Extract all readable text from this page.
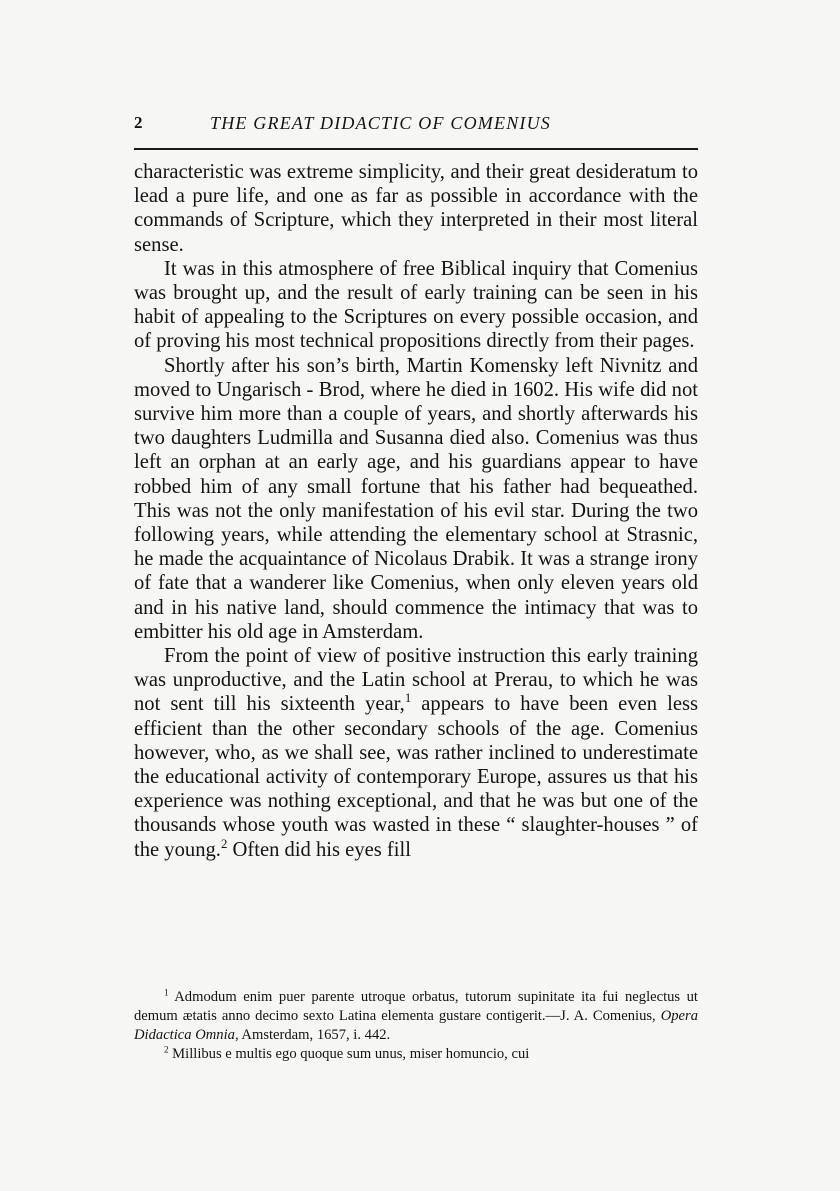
2	THE GREAT DIDACTIC OF COMENIUS

characteristic was extreme simplicity, and their great desideratum to lead a pure life, and one as far as possible in accordance with the commands of Scripture, which they interpreted in their most literal sense.

It was in this atmosphere of free Biblical inquiry that Comenius was brought up, and the result of early training can be seen in his habit of appealing to the Scriptures on every possible occasion, and of proving his most technical propositions directly from their pages.

Shortly after his son’s birth, Martin Komensky left Nivnitz and moved to Ungarisch - Brod, where he died in 1602. His wife did not survive him more than a couple of years, and shortly afterwards his two daughters Ludmilla and Susanna died also. Comenius was thus left an orphan at an early age, and his guardians appear to have robbed him of any small fortune that his father had bequeathed. This was not the only manifestation of his evil star. During the two following years, while attending the elementary school at Strasnic, he made the acquaintance of Nicolaus Drabik. It was a strange irony of fate that a wanderer like Comenius, when only eleven years old and in his native land, should commence the intimacy that was to embitter his old age in Amsterdam.

From the point of view of positive instruction this early training was unproductive, and the Latin school at Prerau, to which he was not sent till his sixteenth year,$^1$ appears to have been even less efficient than the other secondary schools of the age. Comenius however, who, as we shall see, was rather inclined to underestimate the educational activity of contemporary Europe, assures us that his experience was nothing exceptional, and that he was but one of the thousands whose youth was wasted in these “ slaughter-houses ” of the young.$^2$ Often did his eyes fill

$^1$ Admodum enim puer parente utroque orbatus, tutorum supinitate ita fui neglectus ut demum ætatis anno decimo sexto Latina elementa gustare contigerit.—J. A. Comenius, Opera Didactica Omnia, Amsterdam, 1657, i. 442.

$^2$ Millibus e multis ego quoque sum unus, miser homuncio, cui
